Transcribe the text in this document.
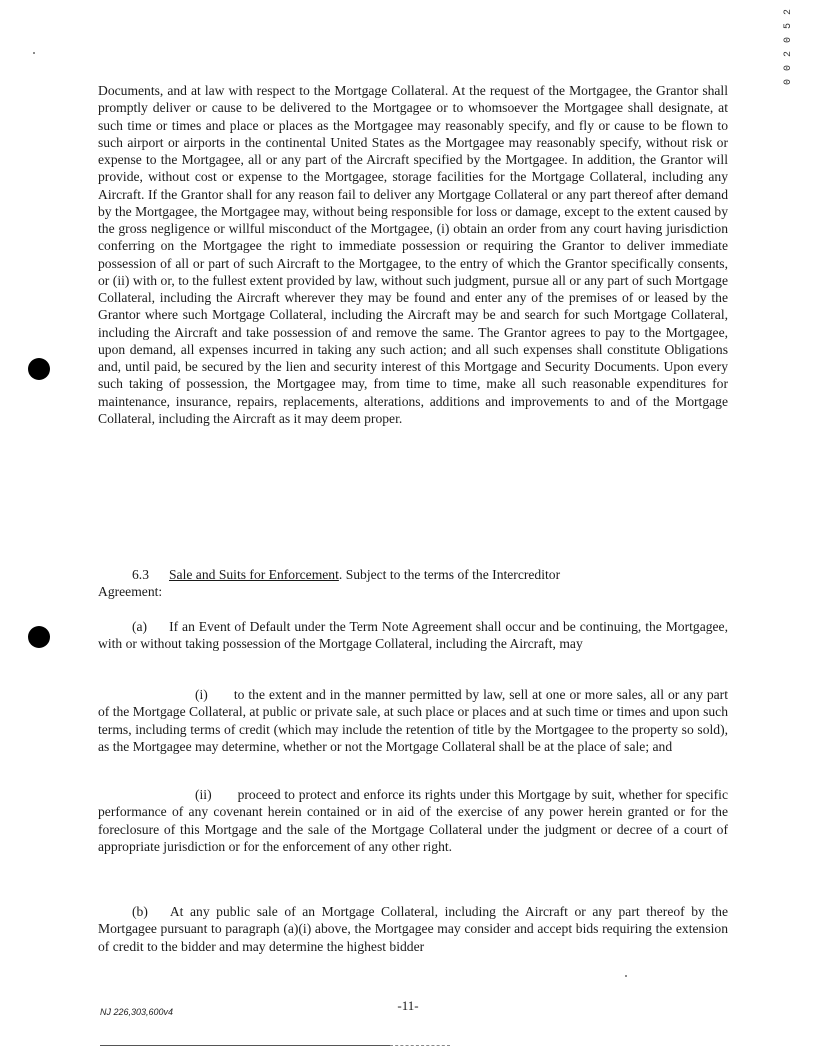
0 0 2 0 5 2
Documents, and at law with respect to the Mortgage Collateral. At the request of the Mortgagee, the Grantor shall promptly deliver or cause to be delivered to the Mortgagee or to whomsoever the Mortgagee shall designate, at such time or times and place or places as the Mortgagee may reasonably specify, and fly or cause to be flown to such airport or airports in the continental United States as the Mortgagee may reasonably specify, without risk or expense to the Mortgagee, all or any part of the Aircraft specified by the Mortgagee. In addition, the Grantor will provide, without cost or expense to the Mortgagee, storage facilities for the Mortgage Collateral, including any Aircraft. If the Grantor shall for any reason fail to deliver any Mortgage Collateral or any part thereof after demand by the Mortgagee, the Mortgagee may, without being responsible for loss or damage, except to the extent caused by the gross negligence or willful misconduct of the Mortgagee, (i) obtain an order from any court having jurisdiction conferring on the Mortgagee the right to immediate possession or requiring the Grantor to deliver immediate possession of all or part of such Aircraft to the Mortgagee, to the entry of which the Grantor specifically consents, or (ii) with or, to the fullest extent provided by law, without such judgment, pursue all or any part of such Mortgage Collateral, including the Aircraft wherever they may be found and enter any of the premises of or leased by the Grantor where such Mortgage Collateral, including the Aircraft may be and search for such Mortgage Collateral, including the Aircraft and take possession of and remove the same. The Grantor agrees to pay to the Mortgagee, upon demand, all expenses incurred in taking any such action; and all such expenses shall constitute Obligations and, until paid, be secured by the lien and security interest of this Mortgage and Security Documents. Upon every such taking of possession, the Mortgagee may, from time to time, make all such reasonable expenditures for maintenance, insurance, repairs, replacements, alterations, additions and improvements to and of the Mortgage Collateral, including the Aircraft as it may deem proper.
6.3 Sale and Suits for Enforcement. Subject to the terms of the Intercreditor
Agreement:
(a) If an Event of Default under the Term Note Agreement shall occur and be continuing, the Mortgagee, with or without taking possession of the Mortgage Collateral, including the Aircraft, may
(i) to the extent and in the manner permitted by law, sell at one or more sales, all or any part of the Mortgage Collateral, at public or private sale, at such place or places and at such time or times and upon such terms, including terms of credit (which may include the retention of title by the Mortgagee to the property so sold), as the Mortgagee may determine, whether or not the Mortgage Collateral shall be at the place of sale; and
(ii) proceed to protect and enforce its rights under this Mortgage by suit, whether for specific performance of any covenant herein contained or in aid of the exercise of any power herein granted or for the foreclosure of this Mortgage and the sale of the Mortgage Collateral under the judgment or decree of a court of appropriate jurisdiction or for the enforcement of any other right.
(b) At any public sale of an Mortgage Collateral, including the Aircraft or any part thereof by the Mortgagee pursuant to paragraph (a)(i) above, the Mortgagee may consider and accept bids requiring the extension of credit to the bidder and may determine the highest bidder
NJ 226,303,600v4	-11-
